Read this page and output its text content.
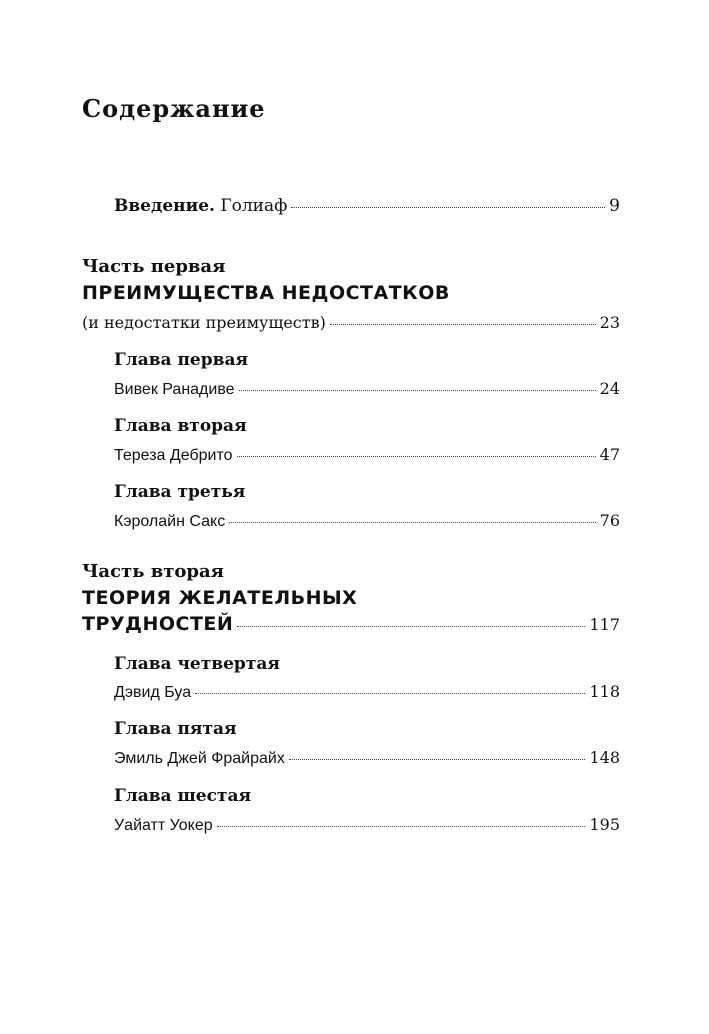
Содержание
Введение. Голиаф	9

Часть первая

ПРЕИМУЩЕСТВА НЕДОСТАТКОВ

(и недостатки преимуществ)	23

Глава первая

Вивек Ранадиве	24

Глава вторая

Тереза Дебрито	47

Глава третья

Кэролайн Сакс	76

Часть вторая

ТЕОРИЯ ЖЕЛАТЕЛЬНЫХ

ТРУДНОСТЕЙ	117

Глава четвертая

Дэвид Буа	118

Глава пятая

Эмиль Джей Фрайрайх	148

Глава шестая

Уайатт Уокер	195
